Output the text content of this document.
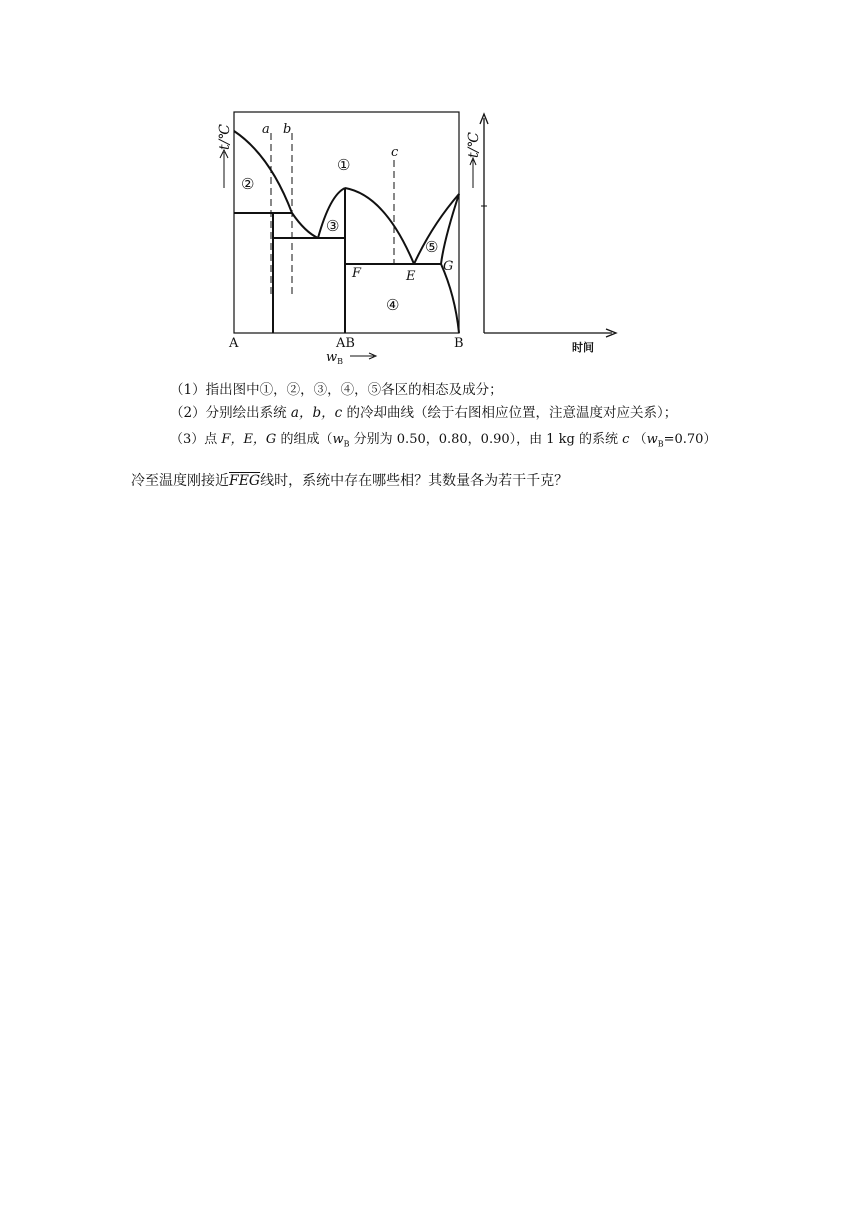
t/℃
A	AB	B
$w_B$
a b
c
①
②
③
④
⑤
F	E
G
t/℃
时间
（1）指出图中①，②，③，④，⑤各区的相态及成分；
（2）分别绘出系统 a，b，c 的冷却曲线（绘于右图相应位置，注意温度对应关系）；
（3）点 F，E，G 的组成（$w_B$ 分别为 0.50，0.80，0.90），由 1 kg 的系统 c $(w_B=0.70)$
冷至温度刚接近$\overline{FEG}$线时，系统中存在哪些相？其数量各为若干千克？
